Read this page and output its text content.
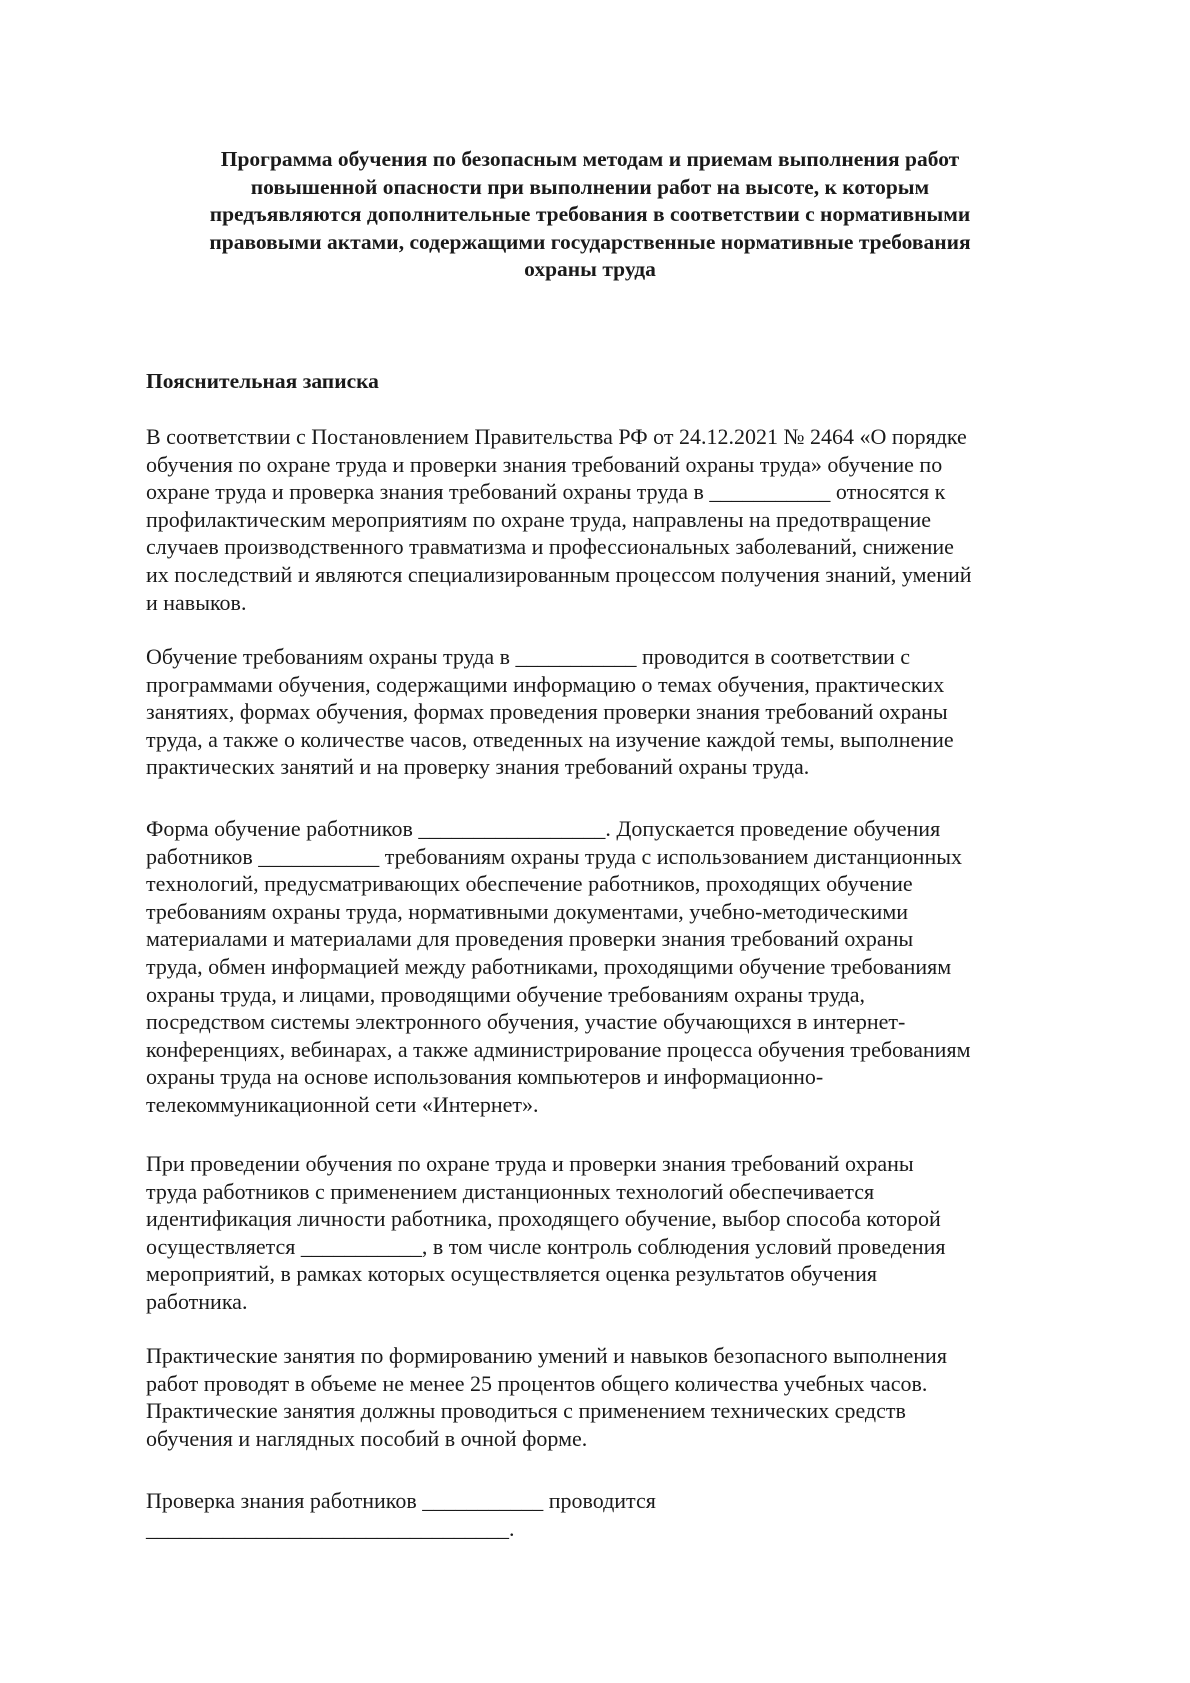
Программа обучения по безопасным методам и приемам выполнения работ
повышенной опасности при выполнении работ на высоте, к которым
предъявляются дополнительные требования в соответствии с нормативными
правовыми актами, содержащими государственные нормативные требования
охраны труда
Пояснительная записка

В соответствии с Постановлением Правительства РФ от 24.12.2021 № 2464 «О порядке
обучения по охране труда и проверки знания требований охраны труда» обучение по
охране труда и проверка знания требований охраны труда в ___________ относятся к
профилактическим мероприятиям по охране труда, направлены на предотвращение
случаев производственного травматизма и профессиональных заболеваний, снижение
их последствий и являются специализированным процессом получения знаний, умений
и навыков.

Обучение требованиям охраны труда в ___________ проводится в соответствии с
программами обучения, содержащими информацию о темах обучения, практических
занятиях, формах обучения, формах проведения проверки знания требований охраны
труда, а также о количестве часов, отведенных на изучение каждой темы, выполнение
практических занятий и на проверку знания требований охраны труда.

Форма обучение работников _________________. Допускается проведение обучения
работников ___________ требованиям охраны труда с использованием дистанционных
технологий, предусматривающих обеспечение работников, проходящих обучение
требованиям охраны труда, нормативными документами, учебно-методическими
материалами и материалами для проведения проверки знания требований охраны
труда, обмен информацией между работниками, проходящими обучение требованиям
охраны труда, и лицами, проводящими обучение требованиям охраны труда,
посредством системы электронного обучения, участие обучающихся в интернет-
конференциях, вебинарах, а также администрирование процесса обучения требованиям
охраны труда на основе использования компьютеров и информационно-
телекоммуникационной сети «Интернет».

При проведении обучения по охране труда и проверки знания требований охраны
труда работников с применением дистанционных технологий обеспечивается
идентификация личности работника, проходящего обучение, выбор способа которой
осуществляется ___________, в том числе контроль соблюдения условий проведения
мероприятий, в рамках которых осуществляется оценка результатов обучения
работника.

Практические занятия по формированию умений и навыков безопасного выполнения
работ проводят в объеме не менее 25 процентов общего количества учебных часов.
Практические занятия должны проводиться с применением технических средств
обучения и наглядных пособий в очной форме.

Проверка знания работников ___________ проводится
_________________________________.
